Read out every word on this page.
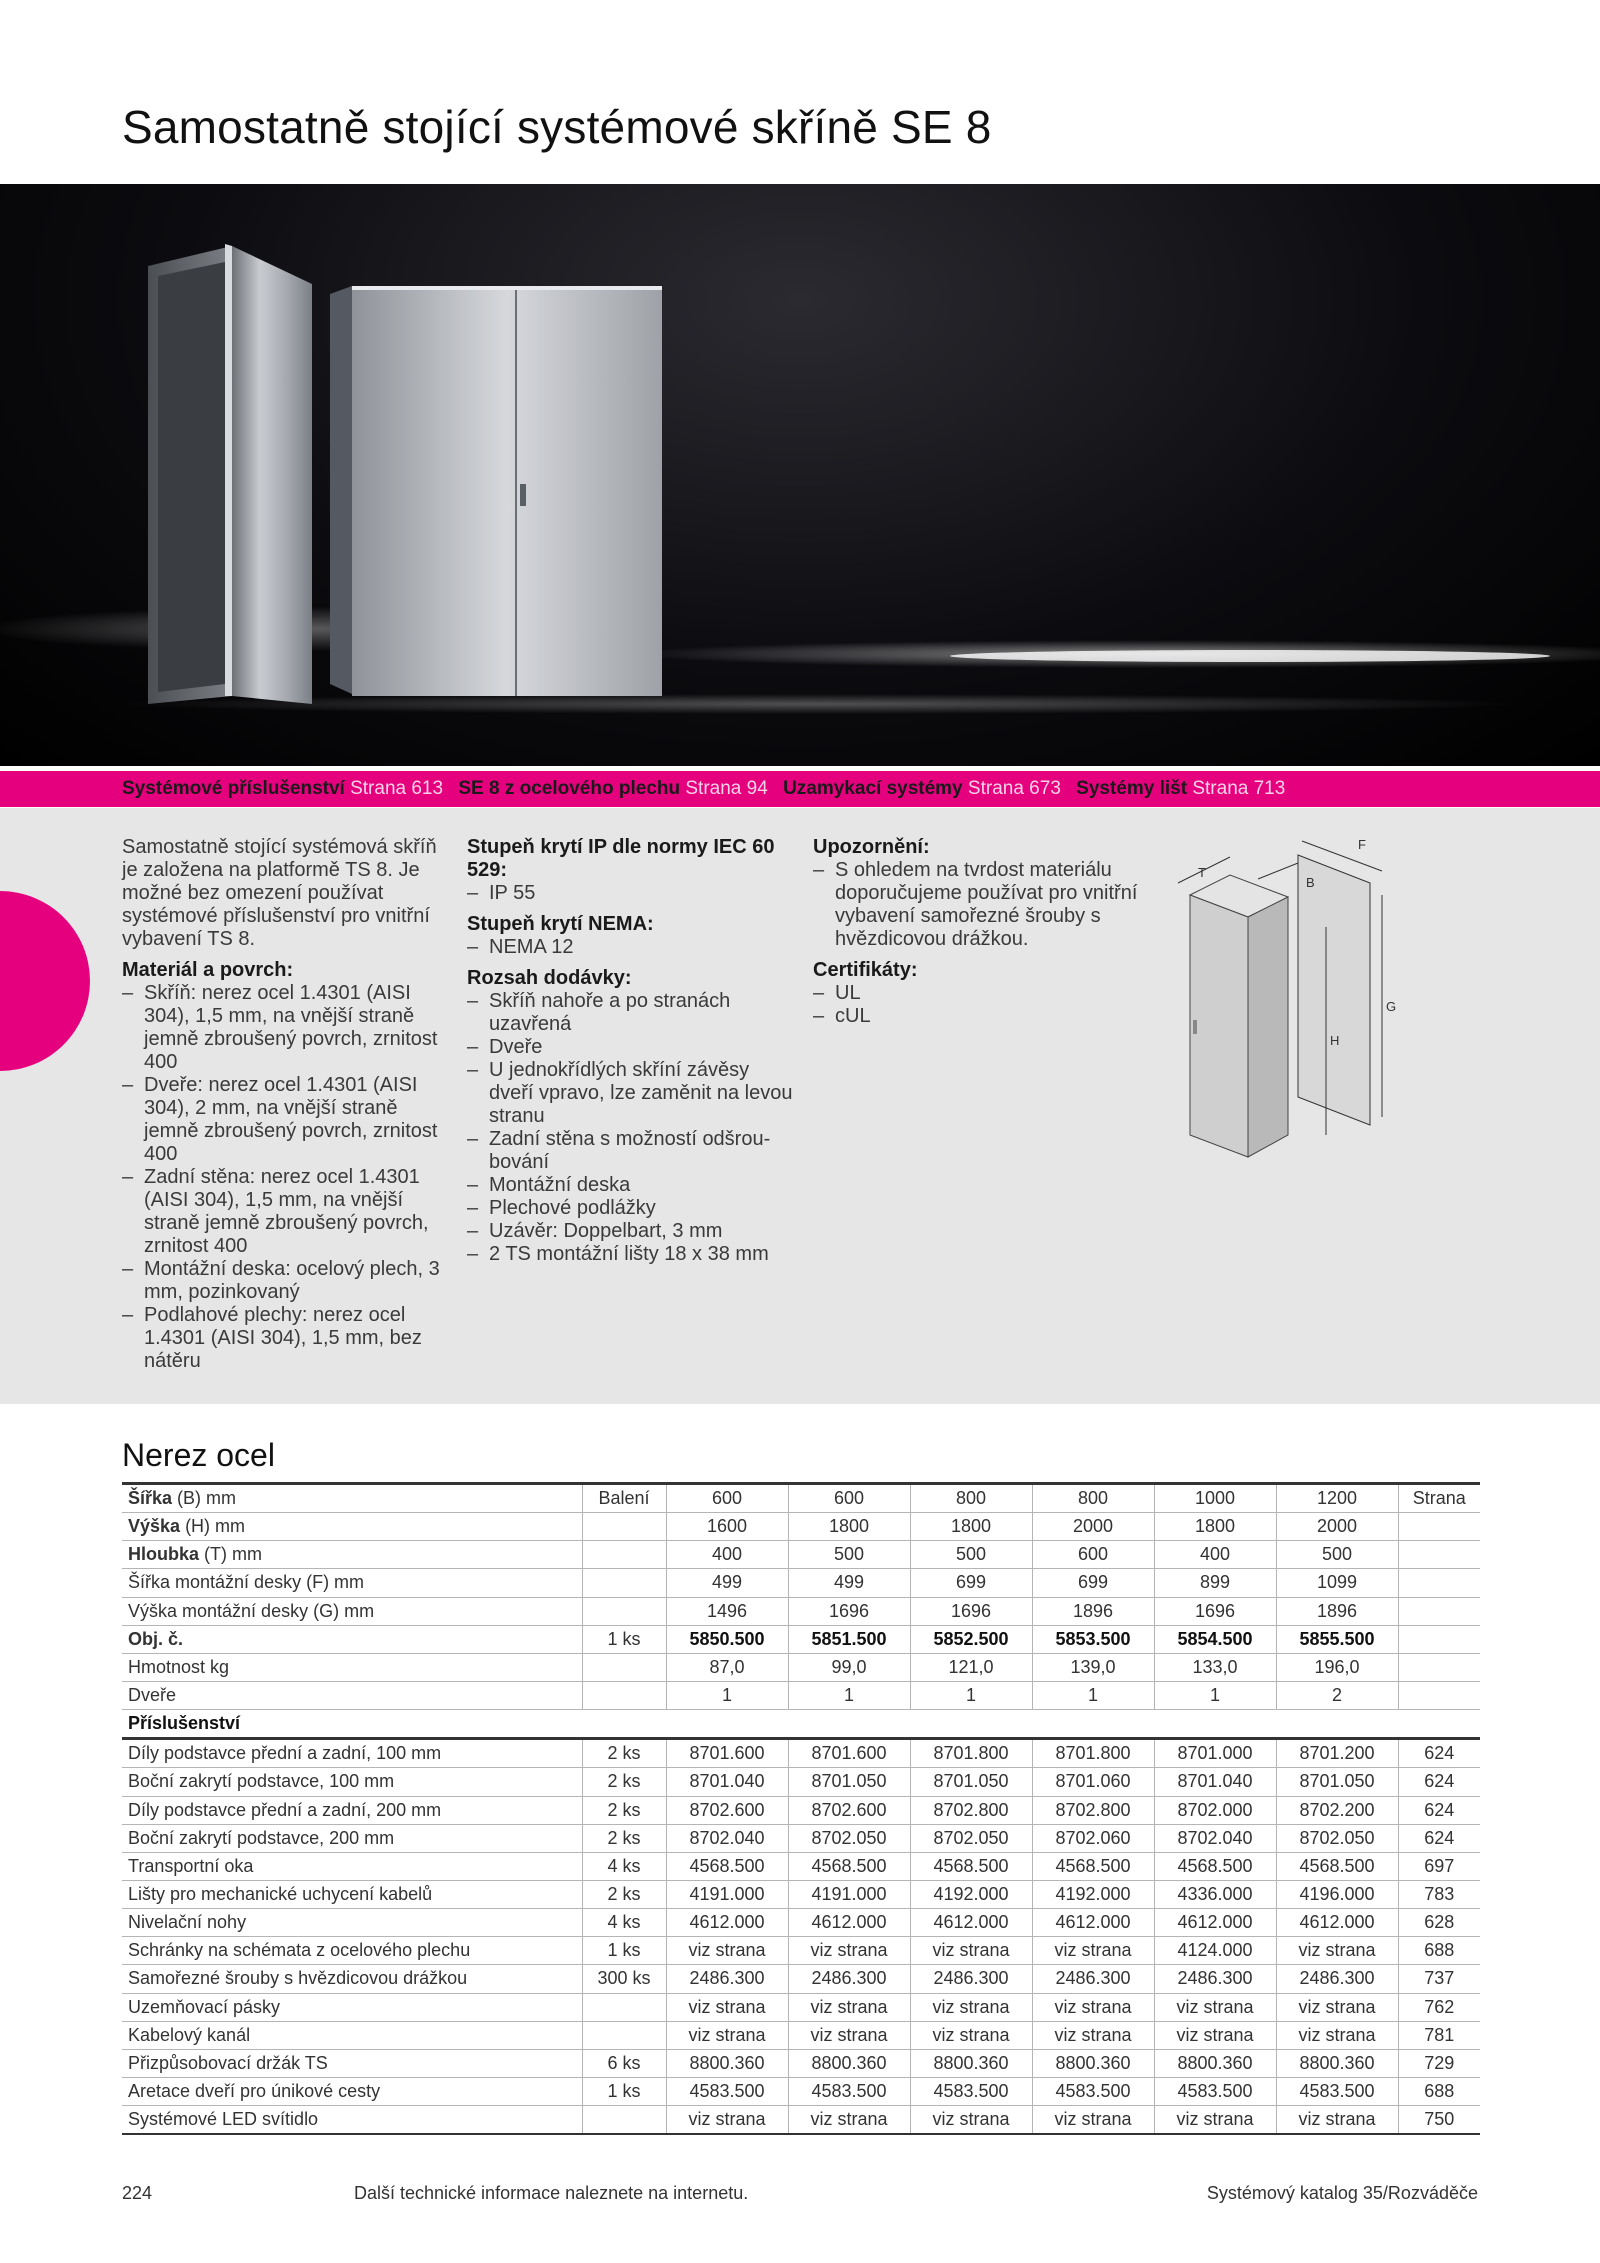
Samostatně stojící systémové skříně SE 8
Systémové příslušenství Strana 613 SE 8 z ocelového plechu Strana 94 Uzamykací systémy Strana 673 Systémy lišt Strana 713

Samostatně stojící systémová skříň je založena na platformě TS 8. Je možné bez omezení používat systémové příslušenství pro vnitřní vybavení TS 8.

Materiál a povrch:
– Skříň: nerez ocel 1.4301 (AISI 304), 1,5 mm, na vnější straně jemně zbroušený povrch, zrnitost 400
– Dveře: nerez ocel 1.4301 (AISI 304), 2 mm, na vnější straně jemně zbroušený povrch, zrnitost 400
– Zadní stěna: nerez ocel 1.4301 (AISI 304), 1,5 mm, na vnější straně jemně zbroušený povrch, zrnitost 400
– Montážní deska: ocelový plech, 3 mm, pozinkovaný
– Podlahové plechy: nerez ocel 1.4301 (AISI 304), 1,5 mm, bez nátěru
Stupeň krytí IP dle normy IEC 60 529:
– IP 55
Stupeň krytí NEMA:
– NEMA 12
Rozsah dodávky:
– Skříň nahoře a po stranách uzavřená
– Dveře
– U jednokřídlých skříní závěsy dveří vpravo, lze zaměnit na levou stranu
– Zadní stěna s možností odšrou-bování
– Montážní deska
– Plechové podlážky
– Uzávěr: Doppelbart, 3 mm
– 2 TS montážní lišty 18 x 38 mm
Upozornění:
– S ohledem na tvrdost materiálu doporučujeme používat pro vnitřní vybavení samořezné šrouby s hvězdicovou drážkou.
Certifikáty:
– UL
– cUL
T
F
B
H
G
Nerez ocel
Šířka (B) mm	Balení	600	600	800	800	1000	1200	Strana
Výška (H) mm		1600	1800	1800	2000	1800	2000	
Hloubka (T) mm		400	500	500	600	400	500	
Šířka montážní desky (F) mm		499	499	699	699	899	1099	
Výška montážní desky (G) mm		1496	1696	1696	1896	1696	1896	
Obj. č.	1 ks	5850.500	5851.500	5852.500	5853.500	5854.500	5855.500	
Hmotnost kg		87,0	99,0	121,0	139,0	133,0	196,0	
Dveře		1	1	1	1	1	2	
Příslušenství								
Díly podstavce přední a zadní, 100 mm	2 ks	8701.600	8701.600	8701.800	8701.800	8701.000	8701.200	624
Boční zakrytí podstavce, 100 mm	2 ks	8701.040	8701.050	8701.050	8701.060	8701.040	8701.050	624
Díly podstavce přední a zadní, 200 mm	2 ks	8702.600	8702.600	8702.800	8702.800	8702.000	8702.200	624
Boční zakrytí podstavce, 200 mm	2 ks	8702.040	8702.050	8702.050	8702.060	8702.040	8702.050	624
Transportní oka	4 ks	4568.500	4568.500	4568.500	4568.500	4568.500	4568.500	697
Lišty pro mechanické uchycení kabelů	2 ks	4191.000	4191.000	4192.000	4192.000	4336.000	4196.000	783
Nivelační nohy	4 ks	4612.000	4612.000	4612.000	4612.000	4612.000	4612.000	628
Schránky na schémata z ocelového plechu	1 ks	viz strana	viz strana	viz strana	viz strana	4124.000	viz strana	688
Samořezné šrouby s hvězdicovou drážkou	300 ks	2486.300	2486.300	2486.300	2486.300	2486.300	2486.300	737
Uzemňovací pásky		viz strana	viz strana	viz strana	viz strana	viz strana	viz strana	762
Kabelový kanál		viz strana	viz strana	viz strana	viz strana	viz strana	viz strana	781
Přizpůsobovací držák TS	6 ks	8800.360	8800.360	8800.360	8800.360	8800.360	8800.360	729
Aretace dveří pro únikové cesty	1 ks	4583.500	4583.500	4583.500	4583.500	4583.500	4583.500	688
Systémové LED svítidlo		viz strana	viz strana	viz strana	viz strana	viz strana	viz strana	750
224	Další technické informace naleznete na internetu.	Systémový katalog 35/Rozváděče
